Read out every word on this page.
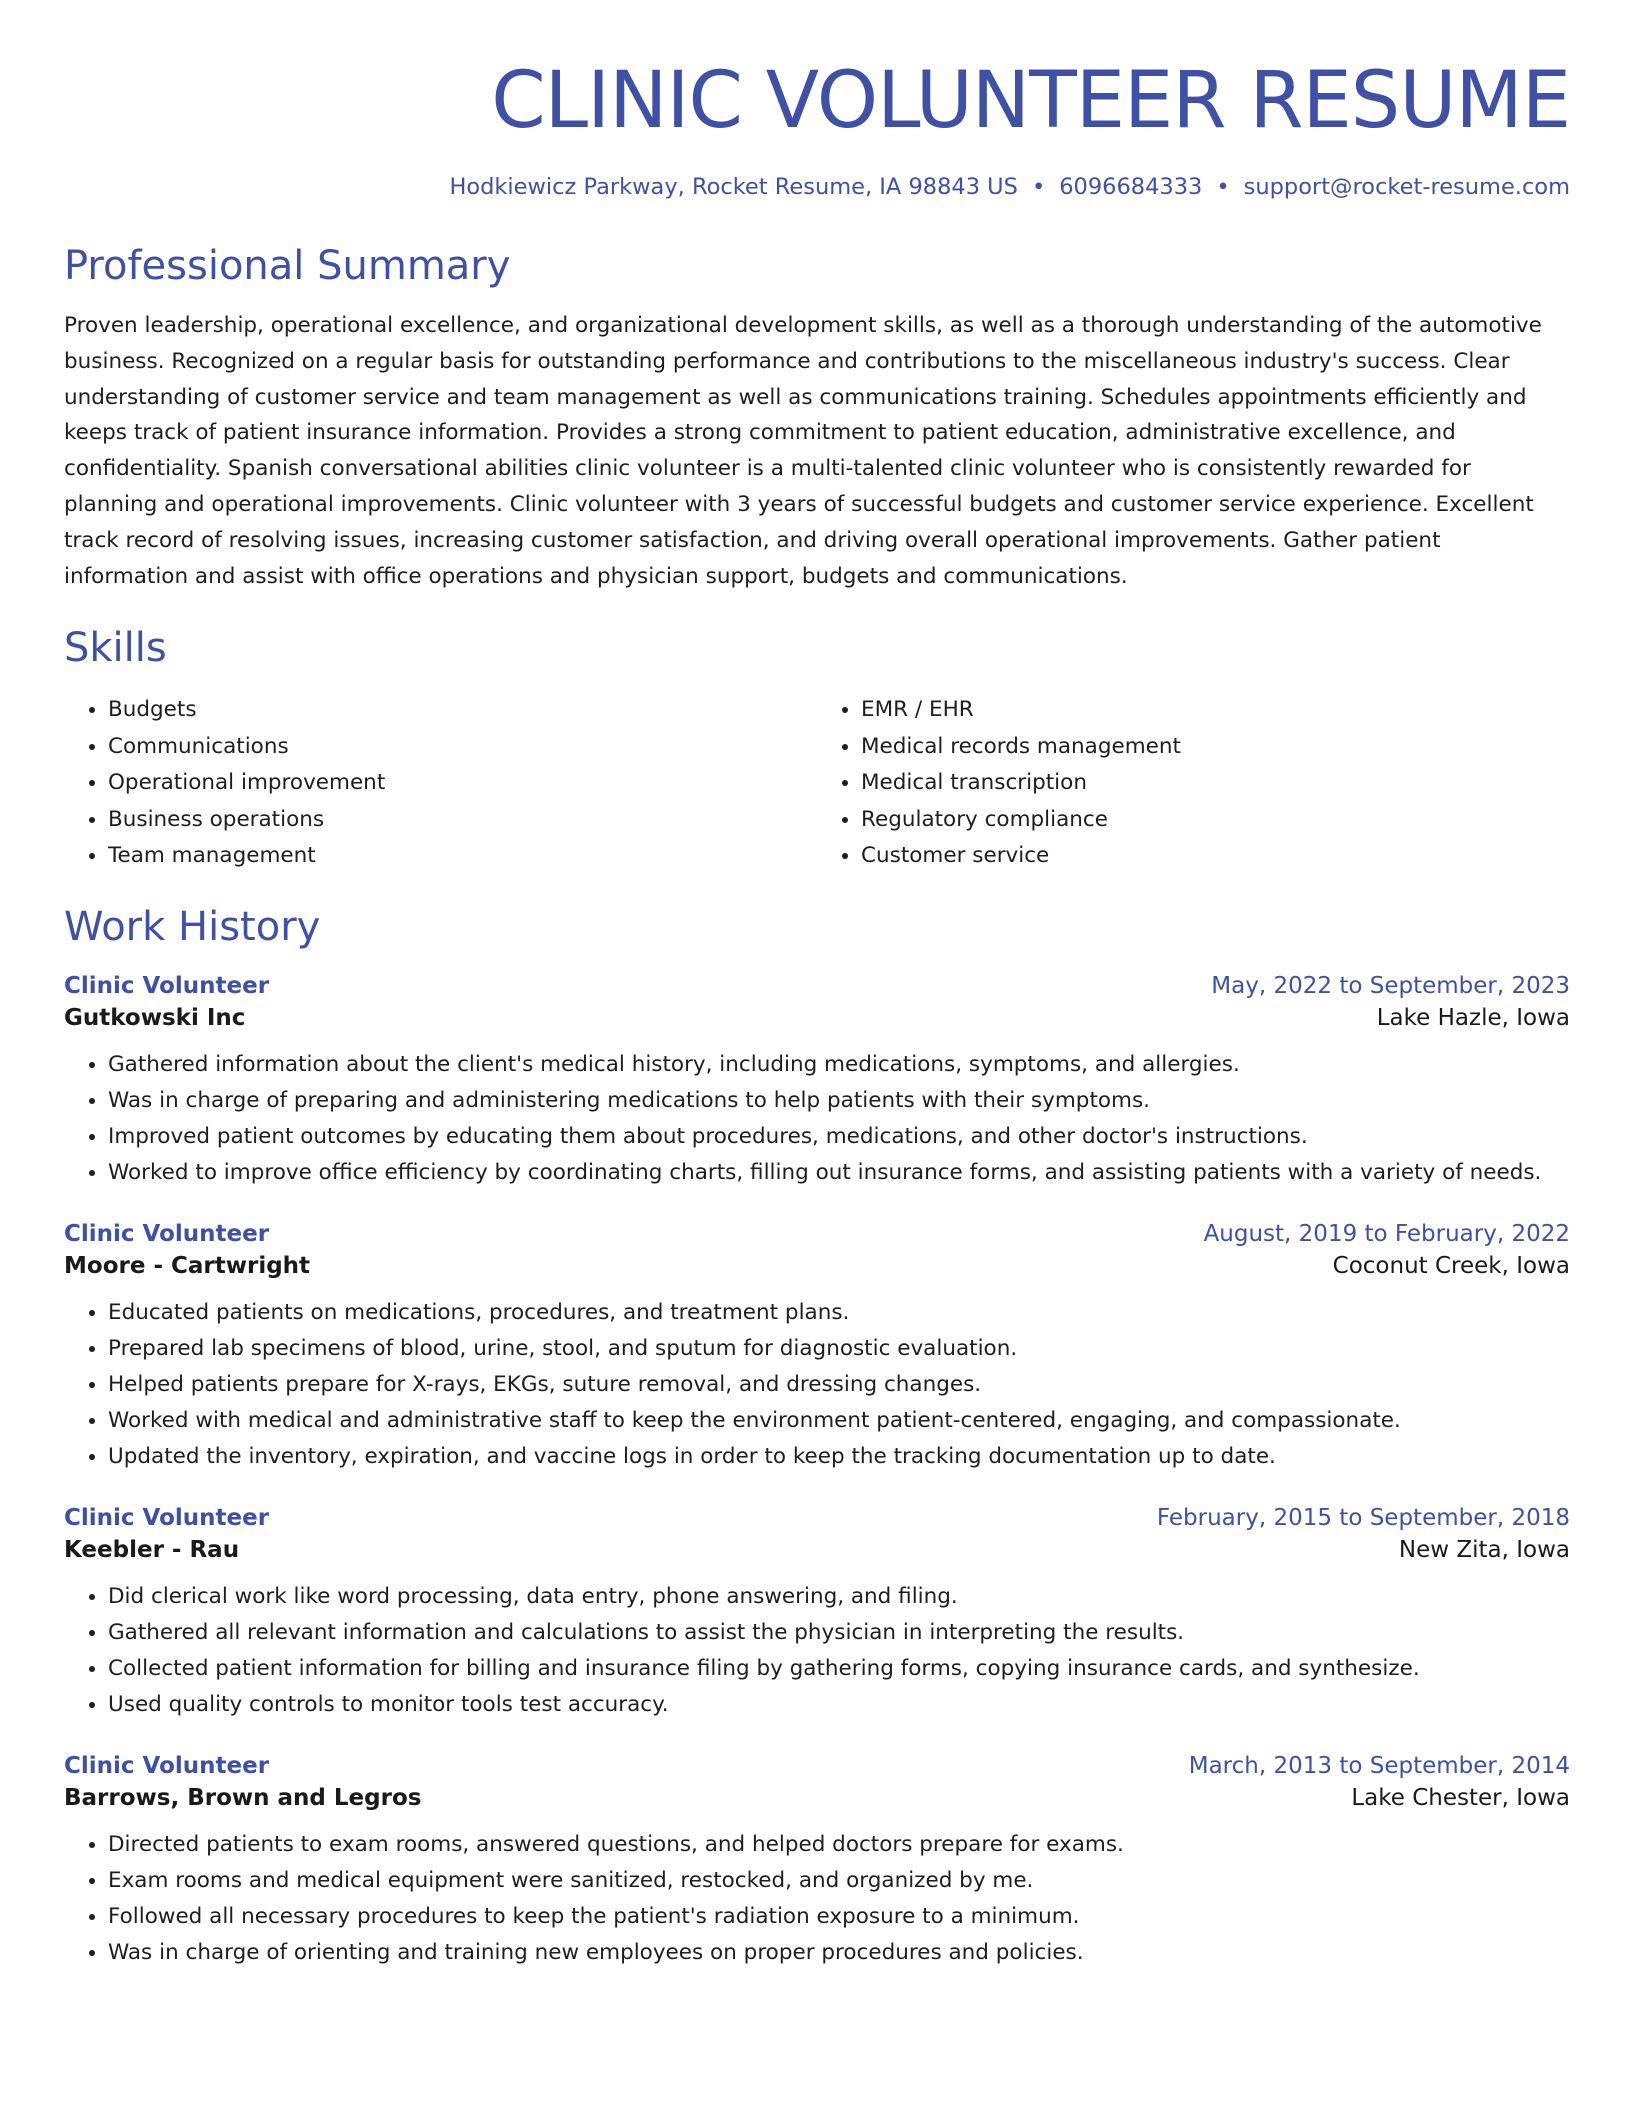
CLINIC VOLUNTEER RESUME
Hodkiewicz Parkway, Rocket Resume, IA 98843 US • 6096684333 • support@rocket-resume.com
Professional Summary

Proven leadership, operational excellence, and organizational development skills, as well as a thorough understanding of the automotive business. Recognized on a regular basis for outstanding performance and contributions to the miscellaneous industry's success. Clear understanding of customer service and team management as well as communications training. Schedules appointments efficiently and keeps track of patient insurance information. Provides a strong commitment to patient education, administrative excellence, and confidentiality. Spanish conversational abilities clinic volunteer is a multi-talented clinic volunteer who is consistently rewarded for planning and operational improvements. Clinic volunteer with 3 years of successful budgets and customer service experience. Excellent track record of resolving issues, increasing customer satisfaction, and driving overall operational improvements. Gather patient information and assist with office operations and physician support, budgets and communications.

Skills
• Budgets
• Communications
• Operational improvement
• Business operations
• Team management
• EMR / EHR
• Medical records management
• Medical transcription
• Regulatory compliance
• Customer service
Work History
Clinic Volunteer	May, 2022 to September, 2023
Gutkowski Inc	Lake Hazle, Iowa
• Gathered information about the client's medical history, including medications, symptoms, and allergies.
• Was in charge of preparing and administering medications to help patients with their symptoms.
• Improved patient outcomes by educating them about procedures, medications, and other doctor's instructions.
• Worked to improve office efficiency by coordinating charts, filling out insurance forms, and assisting patients with a variety of needs.
Clinic Volunteer	August, 2019 to February, 2022
Moore - Cartwright	Coconut Creek, Iowa
• Educated patients on medications, procedures, and treatment plans.
• Prepared lab specimens of blood, urine, stool, and sputum for diagnostic evaluation.
• Helped patients prepare for X-rays, EKGs, suture removal, and dressing changes.
• Worked with medical and administrative staff to keep the environment patient-centered, engaging, and compassionate.
• Updated the inventory, expiration, and vaccine logs in order to keep the tracking documentation up to date.
Clinic Volunteer	February, 2015 to September, 2018
Keebler - Rau	New Zita, Iowa
• Did clerical work like word processing, data entry, phone answering, and filing.
• Gathered all relevant information and calculations to assist the physician in interpreting the results.
• Collected patient information for billing and insurance filing by gathering forms, copying insurance cards, and synthesize.
• Used quality controls to monitor tools test accuracy.
Clinic Volunteer	March, 2013 to September, 2014
Barrows, Brown and Legros	Lake Chester, Iowa
• Directed patients to exam rooms, answered questions, and helped doctors prepare for exams.
• Exam rooms and medical equipment were sanitized, restocked, and organized by me.
• Followed all necessary procedures to keep the patient's radiation exposure to a minimum.
• Was in charge of orienting and training new employees on proper procedures and policies.
